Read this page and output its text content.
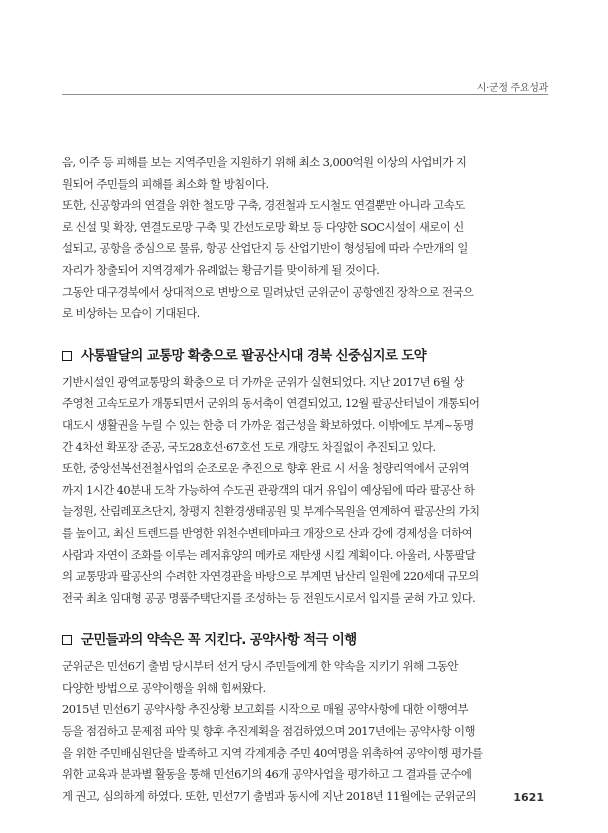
시·군정 주요성과

음, 이주 등 피해를 보는 지역주민을 지원하기 위해 최소 3,000억원 이상의 사업비가 지

원되어 주민들의 피해를 최소화 할 방침이다.

또한, 신공항과의 연결을 위한 철도망 구축, 경전철과 도시철도 연결뿐만 아니라 고속도

로 신설 및 확장, 연결도로망 구축 및 간선도로망 확보 등 다양한 SOC시설이 새로이 신

설되고, 공항을 중심으로 물류, 항공 산업단지 등 산업기반이 형성됨에 따라 수만개의 일

자리가 창출되어 지역경제가 유례없는 황금기를 맞이하게 될 것이다.

그동안 대구경북에서 상대적으로 변방으로 밀려났던 군위군이 공항엔진 장착으로 전국으

로 비상하는 모습이 기대된다.

사통팔달의 교통망 확충으로 팔공산시대 경북 신중심지로 도약

기반시설인 광역교통망의 확충으로 더 가까운 군위가 실현되었다. 지난 2017년 6월 상

주영천 고속도로가 개통되면서 군위의 동서축이 연결되었고, 12월 팔공산터널이 개통되어

대도시 생활권을 누릴 수 있는 한층 더 가까운 접근성을 확보하였다. 이밖에도 부계~동명

간 4차선 확포장 준공, 국도28호선·67호선 도로 개량도 차질없이 추진되고 있다.

또한, 중앙선복선전철사업의 순조로운 추진으로 향후 완료 시 서울 청량리역에서 군위역

까지 1시간 40분내 도착 가능하여 수도권 관광객의 대거 유입이 예상됨에 따라 팔공산 하

늘정원, 산림레포츠단지, 창평지 친환경생태공원 및 부계수목원을 연계하여 팔공산의 가치

를 높이고, 최신 트렌드를 반영한 위천수변테마파크 개장으로 산과 강에 경제성을 더하여

사람과 자연이 조화를 이루는 레저휴양의 메카로 재탄생 시킬 계획이다. 아울러, 사통팔달

의 교통망과 팔공산의 수려한 자연경관을 바탕으로 부계면 남산리 일원에 220세대 규모의

전국 최초 임대형 공공 명품주택단지를 조성하는 등 전원도시로서 입지를 굳혀 가고 있다.

군민들과의 약속은 꼭 지킨다. 공약사항 적극 이행

군위군은 민선6기 출범 당시부터 선거 당시 주민들에게 한 약속을 지키기 위해 그동안

다양한 방법으로 공약이행을 위해 힘써왔다.

2015년 민선6기 공약사항 추진상황 보고회를 시작으로 매월 공약사항에 대한 이행여부

등을 점검하고 문제점 파악 및 향후 추진계획을 점검하였으며 2017년에는 공약사항 이행

을 위한 주민배심원단을 발족하고 지역 각계계층 주민 40여명을 위촉하여 공약이행 평가를

위한 교육과 분과별 활동을 통해 민선6기의 46개 공약사업을 평가하고 그 결과를 군수에

게 권고, 심의하게 하였다. 또한, 민선7기 출범과 동시에 지난 2018년 11월에는 군위군의	1621
